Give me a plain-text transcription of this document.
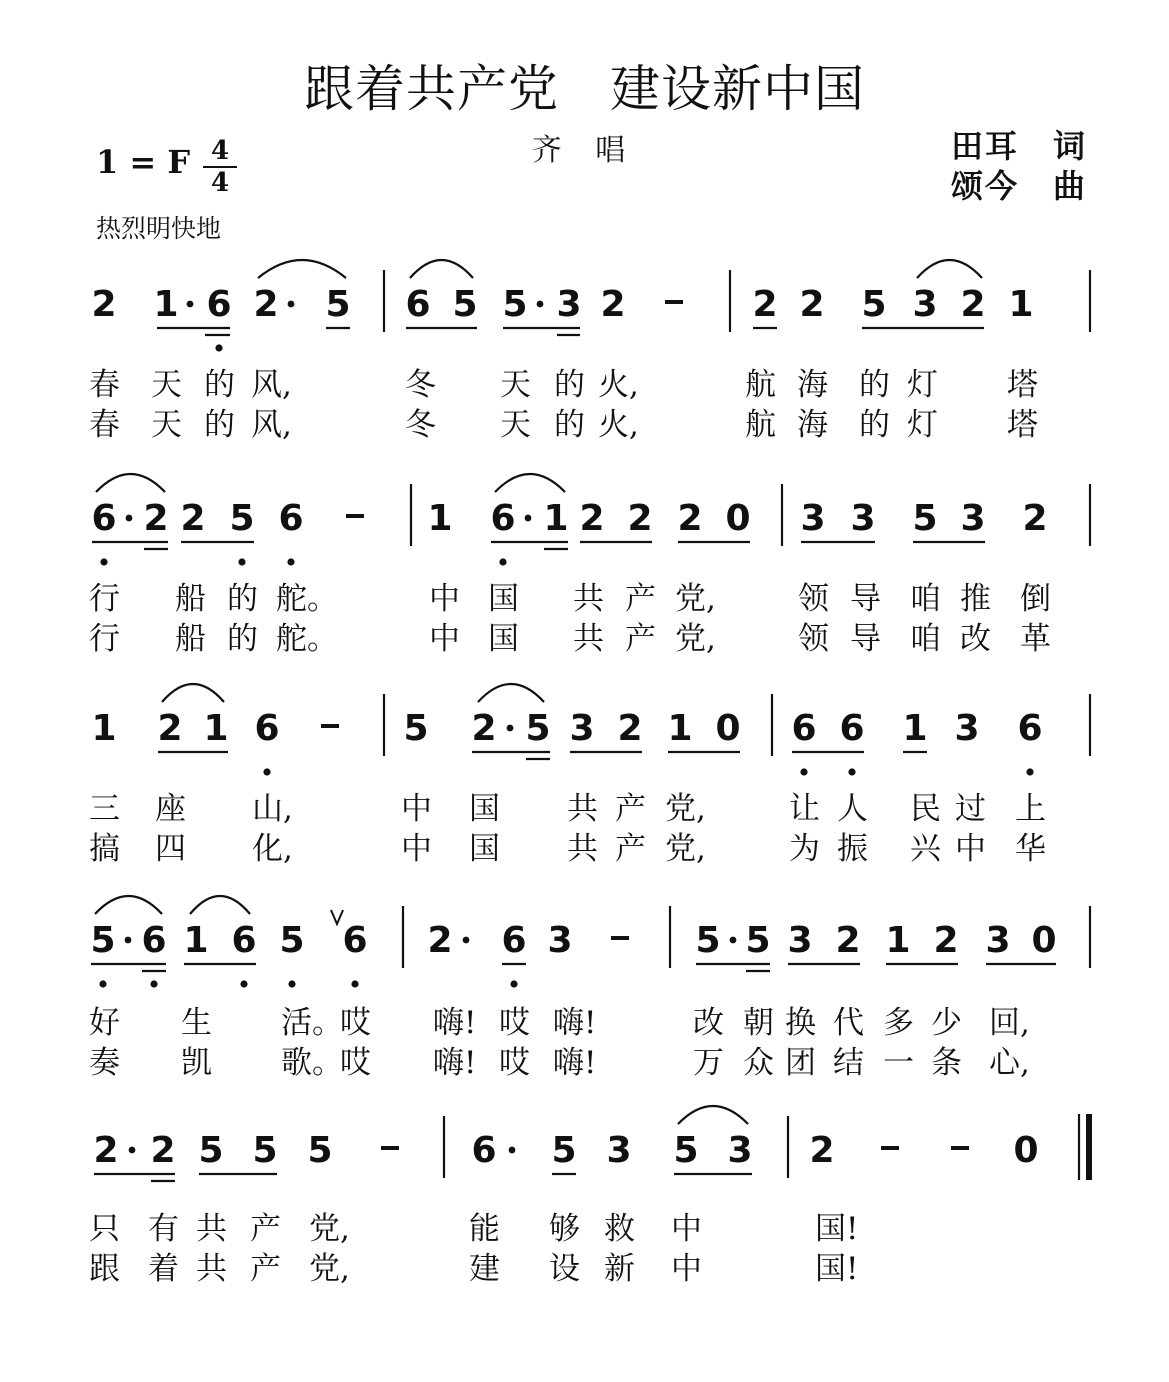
跟着共产党　建设新中国
1 = F 4
4
齐 唱	田耳　词
颂今　曲
热烈明快地
2 1 6 2 5 6 5 5 3 2	2 2 5 3 2 1
春 天 的 风,	冬 天 的 火,	航 海 的 灯 塔
春 天 的 风,	冬 天 的 火,	航 海 的 灯 塔
6 2 2 5 6	1 6 1 2 2 2 0 3 3 5 3 2
行 船 的 舵。	中 国 共 产 党,	领 导 咱 推 倒
行 船 的 舵。	中 国 共 产 党,	领 导 咱 改 革
1 2 1 6	5 2 5 3 2 1 0 6 6 1 3 6
三 座 山,	中 国 共 产 党,	让 人 民 过 上
搞 四 化,	中 国 共 产 党,	为 振 兴 中 华
5 6 1 6 5 6 2 6 3	5 5 3 2 1 2 3 0
好 生 活。
哎 嗨! 哎 嗨!	改 朝 换 代 多 少 回,
奏 凯 歌。
哎 嗨! 哎 嗨!	万 众 团 结 一 条 心,
2 2 5 5 5	6 5 3 5 3 2	0
只 有 共 产 党,	能 够 救 中	国!
跟 着 共 产 党,	建 设 新 中	国!
